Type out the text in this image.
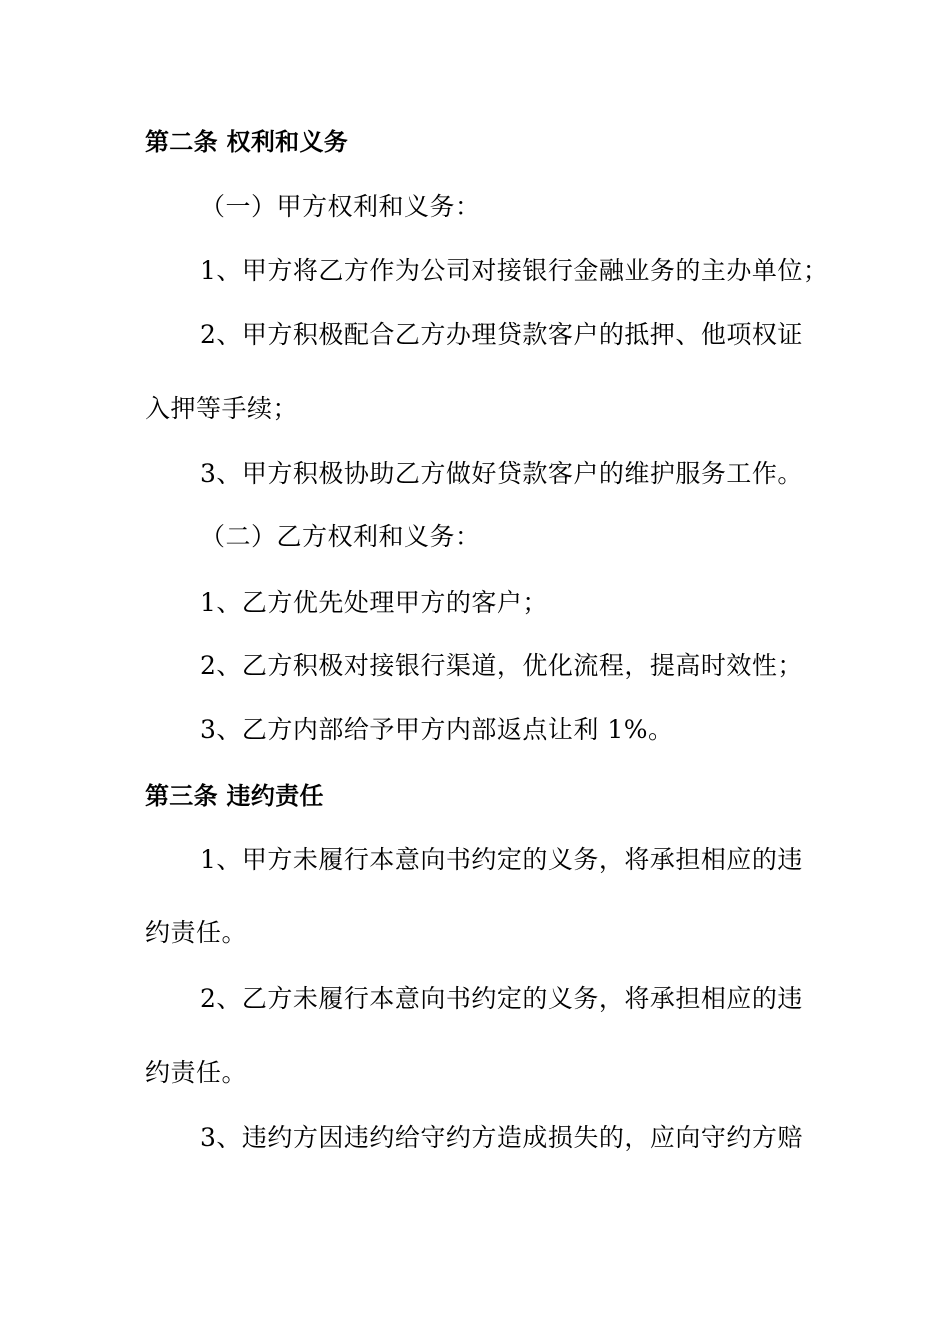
第二条 权利和义务
（一）甲方权利和义务：
1、甲方将乙方作为公司对接银行金融业务的主办单位；
2、甲方积极配合乙方办理贷款客户的抵押、他项权证
入押等手续；
3、甲方积极协助乙方做好贷款客户的维护服务工作。
（二）乙方权利和义务：
1、乙方优先处理甲方的客户；
2、乙方积极对接银行渠道，优化流程，提高时效性；
3、乙方内部给予甲方内部返点让利 1%。
第三条 违约责任
1、甲方未履行本意向书约定的义务，将承担相应的违
约责任。
2、乙方未履行本意向书约定的义务，将承担相应的违
约责任。
3、违约方因违约给守约方造成损失的，应向守约方赔
